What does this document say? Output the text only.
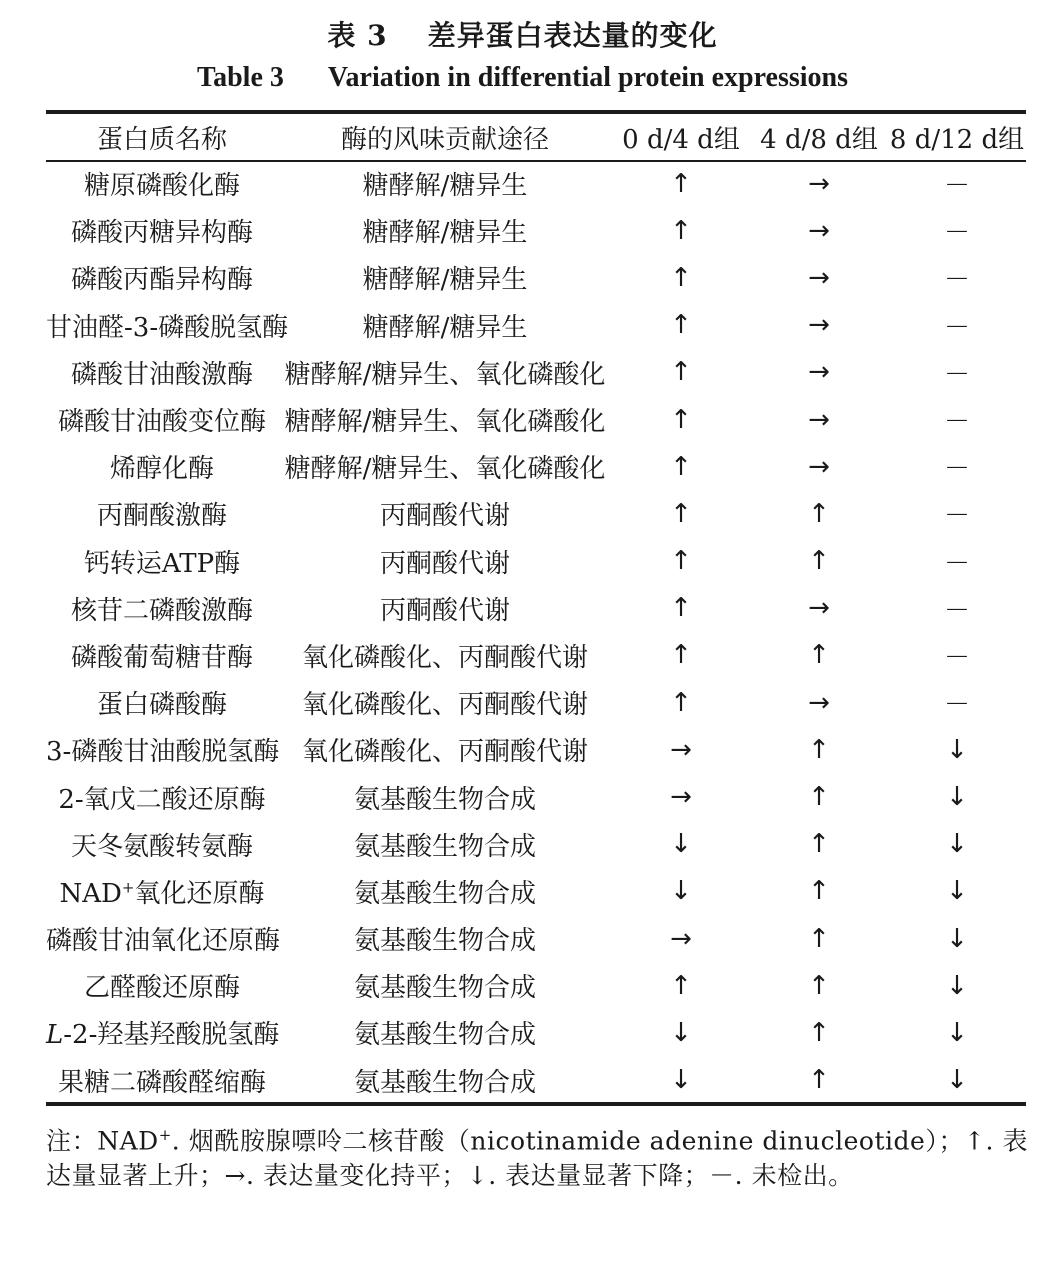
表 3 差异蛋白表达量的变化
Table 3 Variation in differential protein expressions
蛋白质名称	酶的风味贡献途径	0 d/4 d组	4 d/8 d组	8 d/12 d组
糖原磷酸化酶	糖酵解/糖异生	↑	→	－
磷酸丙糖异构酶	糖酵解/糖异生	↑	→	－
磷酸丙酯异构酶	糖酵解/糖异生	↑	→	－
甘油醛-3-磷酸脱氢酶	糖酵解/糖异生	↑	→	－
磷酸甘油酸激酶	糖酵解/糖异生、氧化磷酸化	↑	→	－
磷酸甘油酸变位酶	糖酵解/糖异生、氧化磷酸化	↑	→	－
烯醇化酶	糖酵解/糖异生、氧化磷酸化	↑	→	－
丙酮酸激酶	丙酮酸代谢	↑	↑	－
钙转运ATP酶	丙酮酸代谢	↑	↑	－
核苷二磷酸激酶	丙酮酸代谢	↑	→	－
磷酸葡萄糖苷酶	氧化磷酸化、丙酮酸代谢	↑	↑	－
蛋白磷酸酶	氧化磷酸化、丙酮酸代谢	↑	→	－
3-磷酸甘油酸脱氢酶	氧化磷酸化、丙酮酸代谢	→	↑	↓
2-氧戊二酸还原酶	氨基酸生物合成	→	↑	↓
天冬氨酸转氨酶	氨基酸生物合成	↓	↑	↓
NAD+氧化还原酶	氨基酸生物合成	↓	↑	↓
磷酸甘油氧化还原酶	氨基酸生物合成	→	↑	↓
乙醛酸还原酶	氨基酸生物合成	↑	↑	↓
L-2-羟基羟酸脱氢酶	氨基酸生物合成	↓	↑	↓
果糖二磷酸醛缩酶	氨基酸生物合成	↓	↑	↓
注：NAD+. 烟酰胺腺嘌呤二核苷酸（nicotinamide adenine dinucleotide）；↑. 表达量显著上升；→. 表达量变化持平；↓. 表达量显著下降；－. 未检出。
